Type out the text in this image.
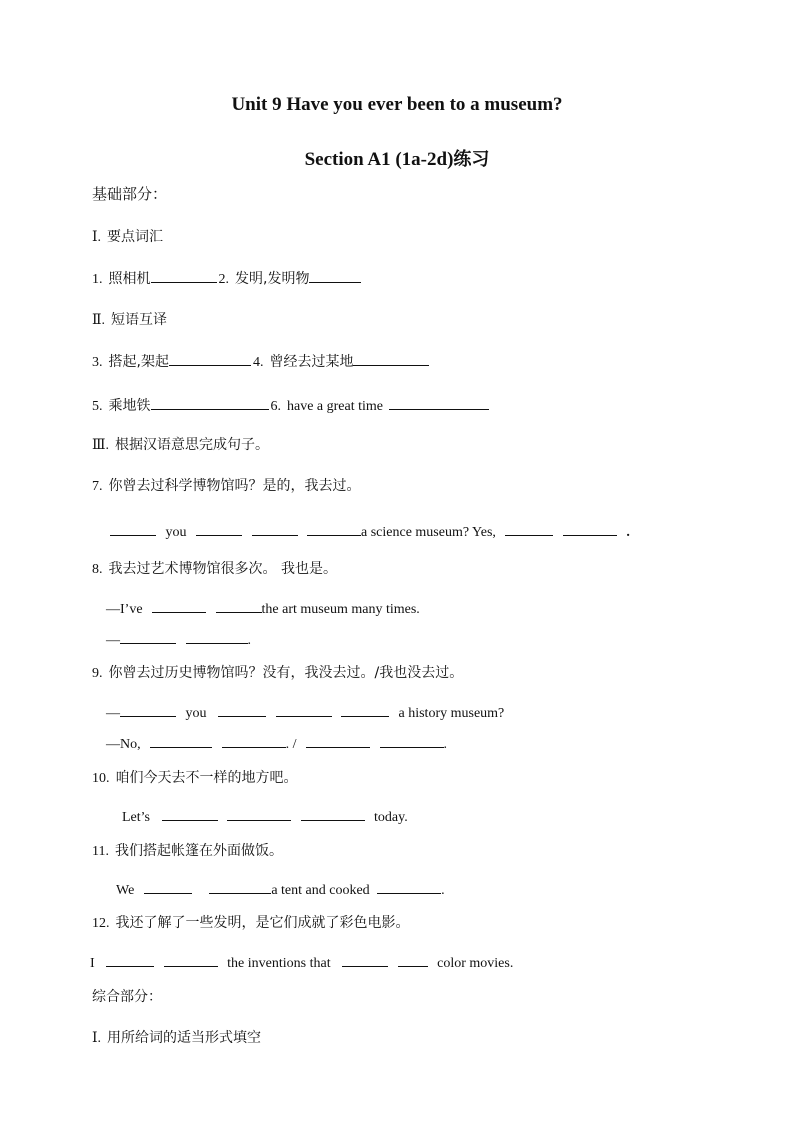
Unit 9 Have you ever been to a museum?
Section A1 (1a-2d)练习
基础部分：
Ⅰ. 要点词汇
1. 照相机	2. 发明,发明物
Ⅱ. 短语互译
3. 搭起,架起	4. 曾经去过某地
5. 乘地铁	6. have a great time
Ⅲ. 根据汉语意思完成句子。
7. 你曾去过科学博物馆吗？是的，我去过。
you	a science museum? Yes,	.
8. 我去过艺术博物馆很多次。 我也是。
—I’ve	the art museum many times.
—	.
9. 你曾去过历史博物馆吗？没有，我没去过。/我也没去过。
—	you	a history museum?
—No,	. /	.
10. 咱们今天去不一样的地方吧。
Let’s	today.
11. 我们搭起帐篷在外面做饭。
We	a tent and cooked	.
12. 我还了解了一些发明，是它们成就了彩色电影。
I	the inventions that	color movies.
综合部分：
Ⅰ. 用所给词的适当形式填空
